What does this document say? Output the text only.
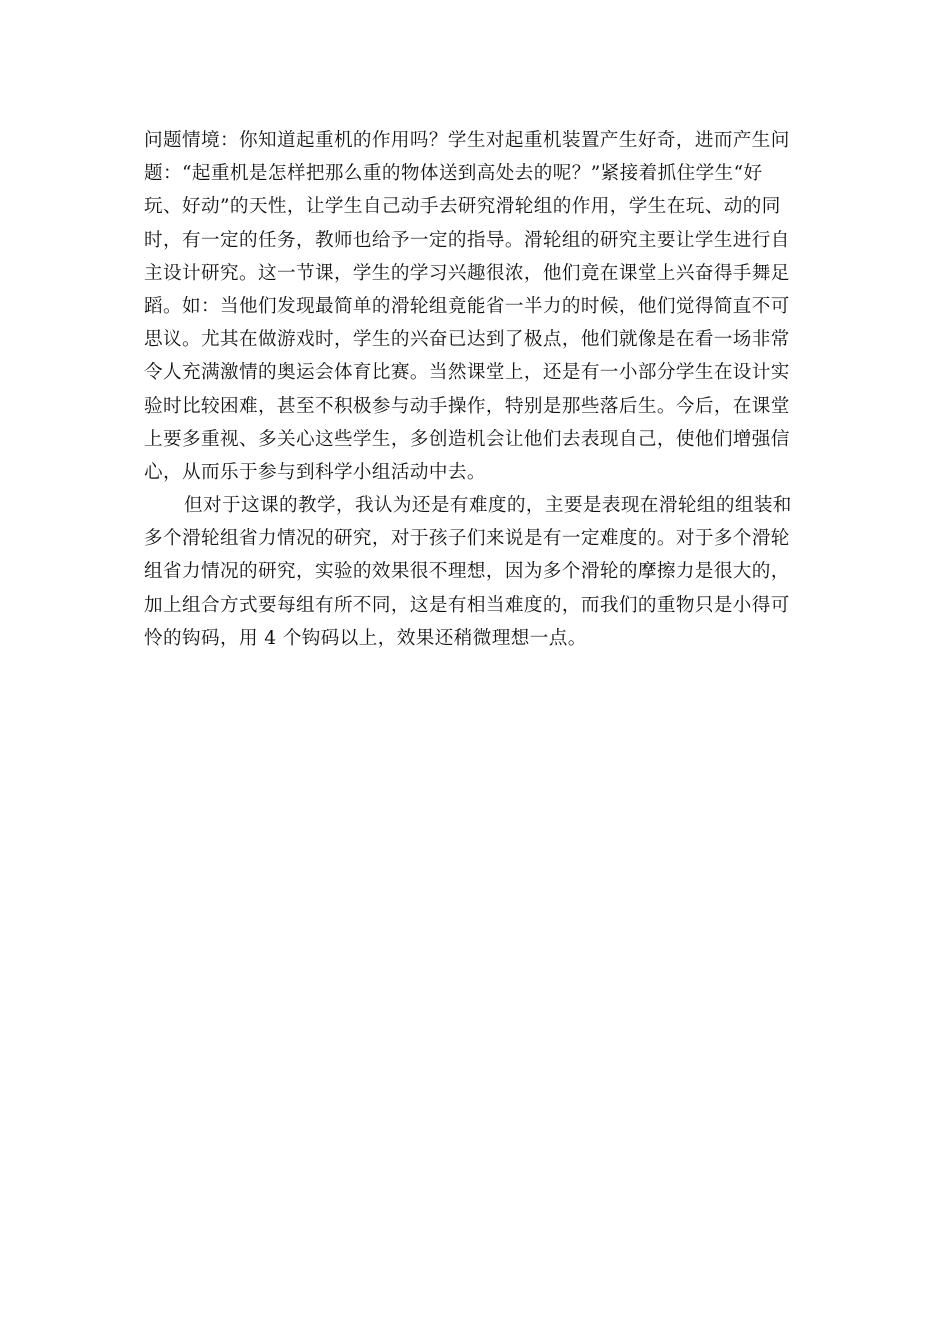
问题情境：你知道起重机的作用吗？学生对起重机装置产生好奇，进而产生问
题：“起重机是怎样把那么重的物体送到高处去的呢？”紧接着抓住学生“好
玩、好动”的天性，让学生自己动手去研究滑轮组的作用，学生在玩、动的同
时，有一定的任务，教师也给予一定的指导。滑轮组的研究主要让学生进行自
主设计研究。这一节课，学生的学习兴趣很浓，他们竟在课堂上兴奋得手舞足
蹈。如：当他们发现最简单的滑轮组竟能省一半力的时候，他们觉得简直不可
思议。尤其在做游戏时，学生的兴奋已达到了极点，他们就像是在看一场非常
令人充满激情的奥运会体育比赛。当然课堂上，还是有一小部分学生在设计实
验时比较困难，甚至不积极参与动手操作，特别是那些落后生。今后，在课堂
上要多重视、多关心这些学生，多创造机会让他们去表现自己，使他们增强信
心，从而乐于参与到科学小组活动中去。

但对于这课的教学，我认为还是有难度的，主要是表现在滑轮组的组装和
多个滑轮组省力情况的研究，对于孩子们来说是有一定难度的。对于多个滑轮
组省力情况的研究，实验的效果很不理想，因为多个滑轮的摩擦力是很大的，
加上组合方式要每组有所不同，这是有相当难度的，而我们的重物只是小得可
怜的钩码，用 4 个钩码以上，效果还稍微理想一点。
